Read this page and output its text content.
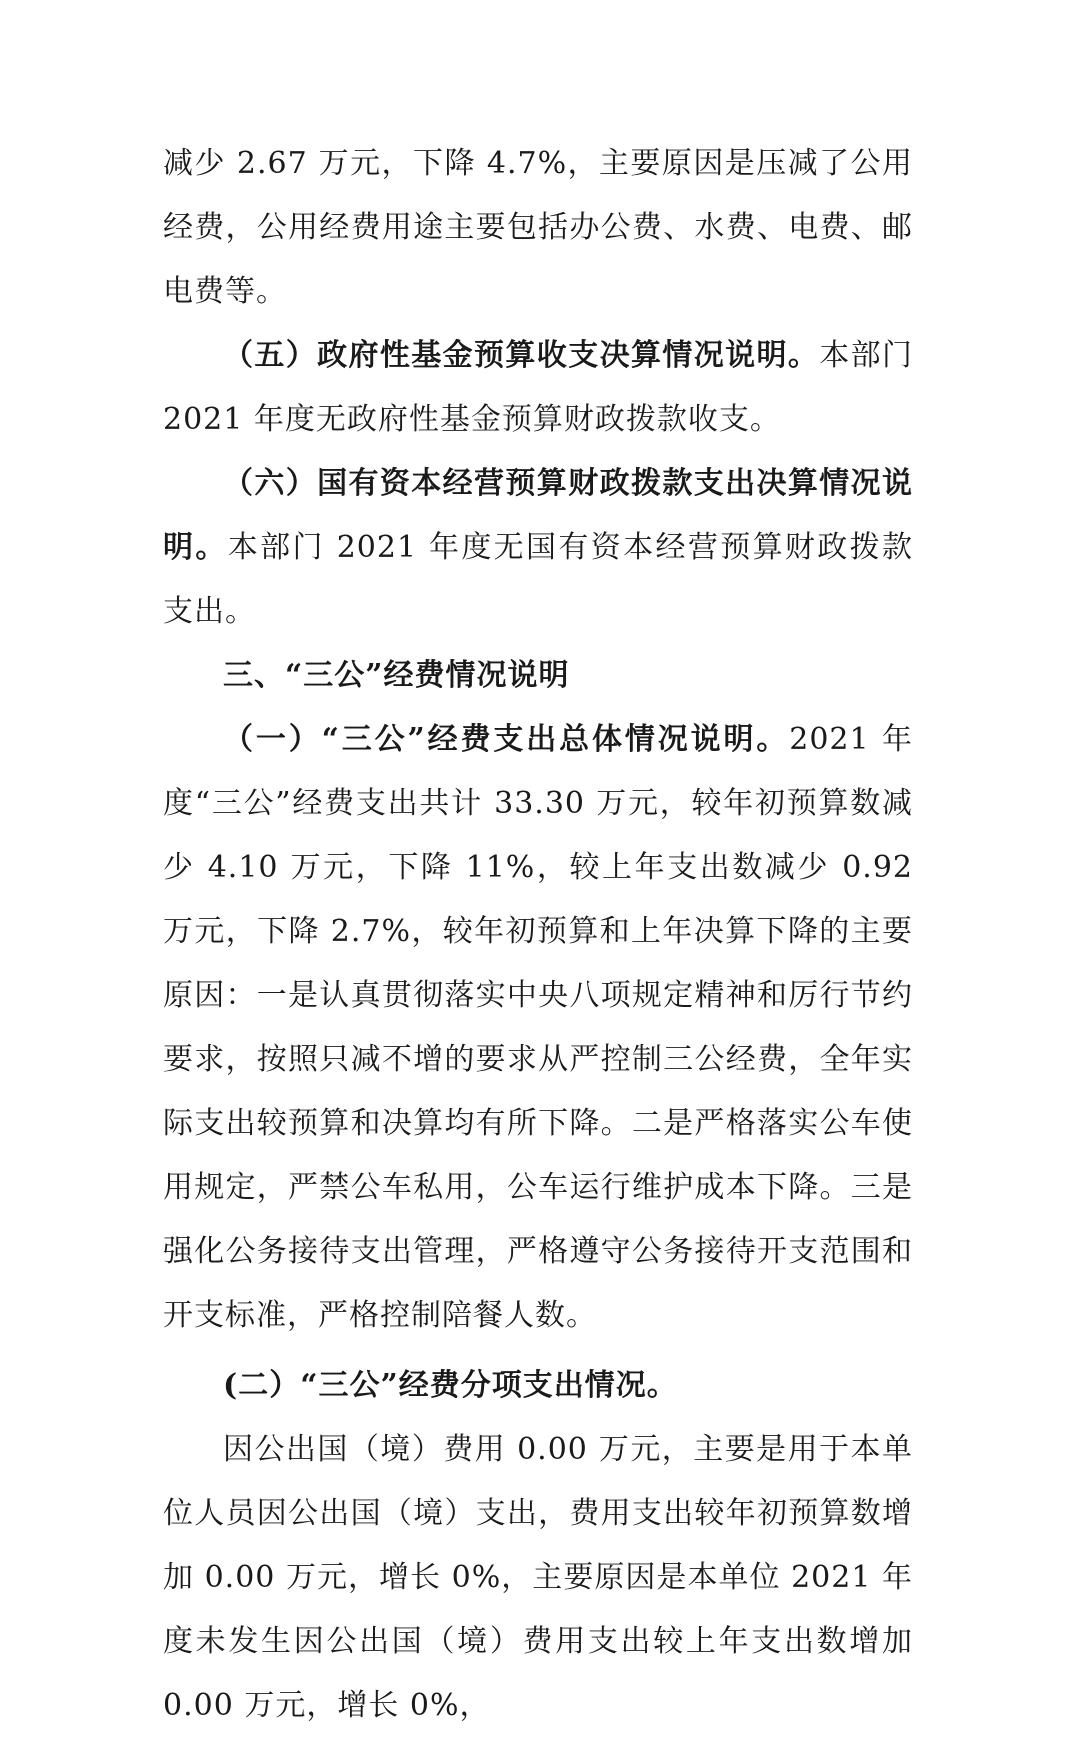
减少 2.67 万元，下降 4.7%，主要原因是压减了公用经费，公用经费用途主要包括办公费、水费、电费、邮电费等。

（五）政府性基金预算收支决算情况说明。本部门 2021 年度无政府性基金预算财政拨款收支。

（六）国有资本经营预算财政拨款支出决算情况说明。本部门 2021 年度无国有资本经营预算财政拨款支出。

三、“三公”经费情况说明

（一）“三公”经费支出总体情况说明。2021 年度“三公”经费支出共计 33.30 万元，较年初预算数减少 4.10 万元，下降 11%，较上年支出数减少 0.92 万元，下降 2.7%，较年初预算和上年决算下降的主要原因：一是认真贯彻落实中央八项规定精神和厉行节约要求，按照只减不增的要求从严控制三公经费，全年实际支出较预算和决算均有所下降。二是严格落实公车使用规定，严禁公车私用，公车运行维护成本下降。三是强化公务接待支出管理，严格遵守公务接待开支范围和开支标准，严格控制陪餐人数。

(二）“三公”经费分项支出情况。

因公出国（境）费用 0.00 万元，主要是用于本单位人员因公出国（境）支出，费用支出较年初预算数增加 0.00 万元，增长 0%，主要原因是本单位 2021 年度未发生因公出国（境）费用支出较上年支出数增加 0.00 万元，增长 0%，
